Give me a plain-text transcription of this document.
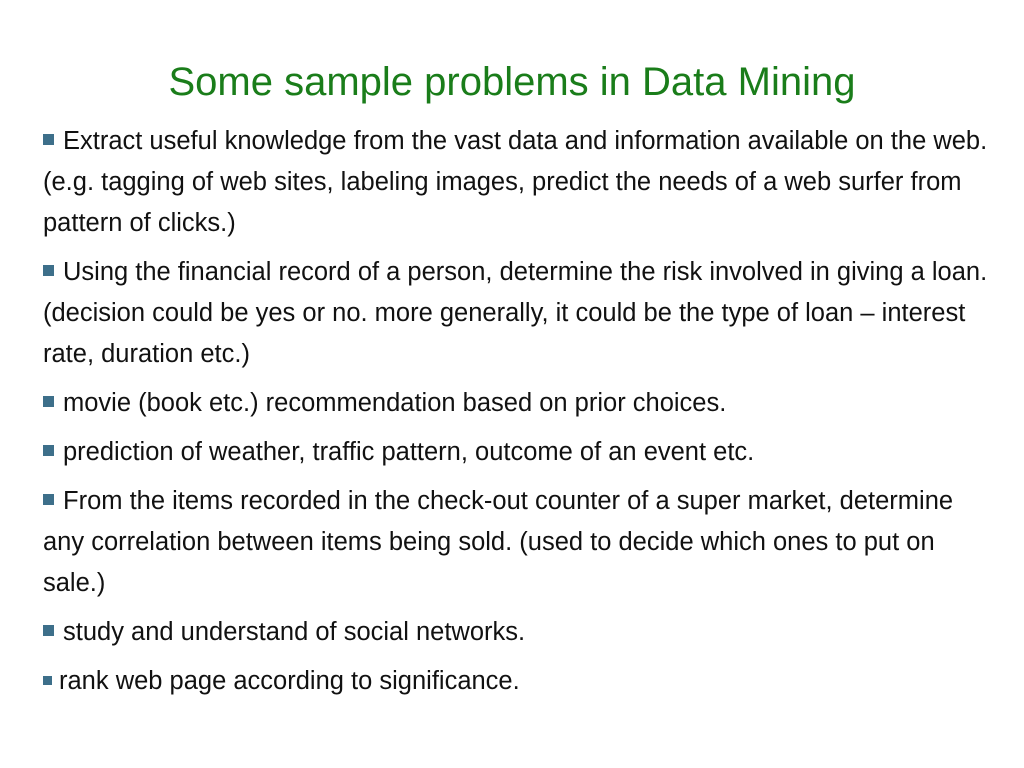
Some sample problems in Data Mining
Extract useful knowledge from the vast data and information available on the web. (e.g. tagging of web sites, labeling images, predict the needs of a web surfer from pattern of clicks.)
Using the financial record of a person, determine the risk involved in giving a loan. (decision could be yes or no. more generally, it could be the type of loan – interest rate, duration etc.)
movie (book etc.) recommendation based on prior choices.
prediction of weather, traffic pattern, outcome of an event etc.
From the items recorded in the check-out counter of a super market, determine any correlation between items being sold. (used to decide which ones to put on sale.)
study and understand of social networks.
rank web page according to significance.
